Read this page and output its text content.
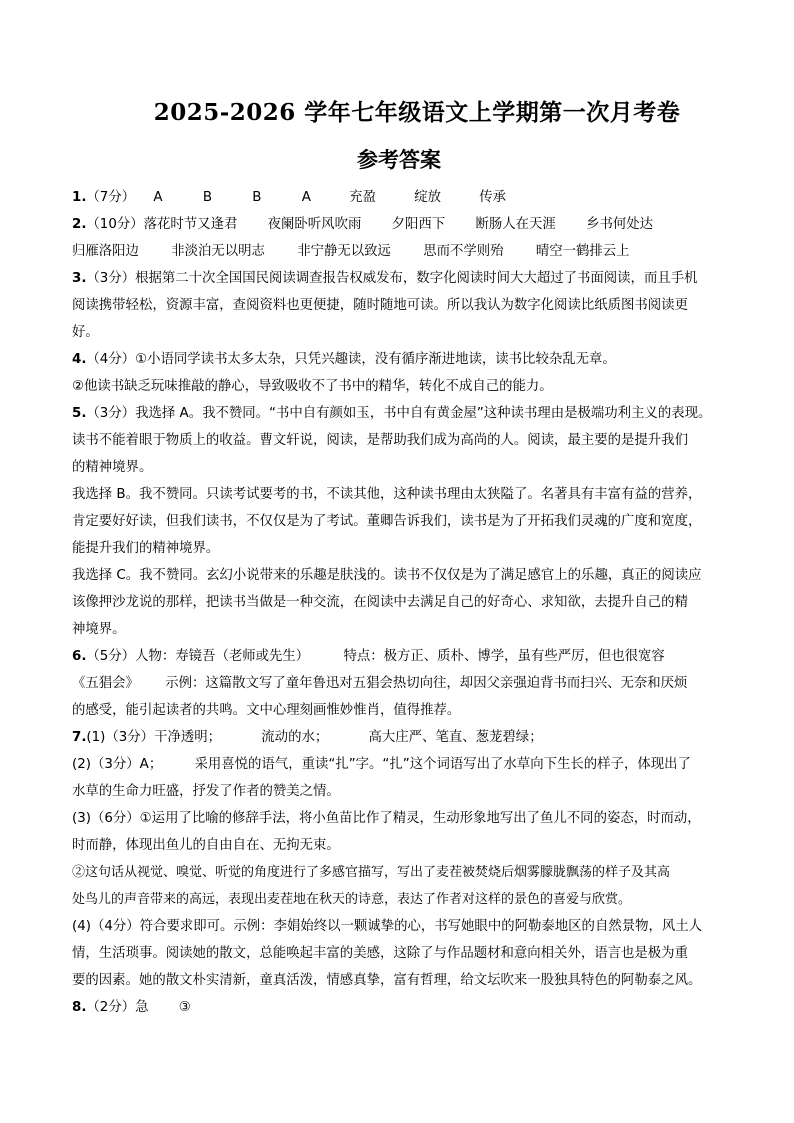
2025-2026 学年七年级语文上学期第一次月考卷
参考答案
1.（7分） A	B	B	A	充盈	绽放	传承
2.（10分）落花时节又逢君 夜阑卧听风吹雨 夕阳西下 断肠人在天涯 乡书何处达
归雁洛阳边 非淡泊无以明志 非宁静无以致远 思而不学则殆 晴空一鹤排云上
3.（3分）根据第二十次全国国民阅读调查报告权威发布，数字化阅读时间大大超过了书面阅读，而且手机
阅读携带轻松，资源丰富，查阅资料也更便捷，随时随地可读。所以我认为数字化阅读比纸质图书阅读更
好。
4.（4分）①小语同学读书太多太杂，只凭兴趣读，没有循序渐进地读，读书比较杂乱无章。
②他读书缺乏玩味推敲的静心，导致吸收不了书中的精华，转化不成自己的能力。
5.（3分）我选择 A。我不赞同。“书中自有颜如玉，书中自有黄金屋”这种读书理由是极端功利主义的表现。
读书不能着眼于物质上的收益。曹文轩说，阅读，是帮助我们成为高尚的人。阅读，最主要的是提升我们
的精神境界。
我选择 B。我不赞同。只读考试要考的书，不读其他，这种读书理由太狭隘了。名著具有丰富有益的营养，
肯定要好好读，但我们读书，不仅仅是为了考试。董卿告诉我们，读书是为了开拓我们灵魂的广度和宽度，
能提升我们的精神境界。
我选择 C。我不赞同。玄幻小说带来的乐趣是肤浅的。读书不仅仅是为了满足感官上的乐趣，真正的阅读应
该像押沙龙说的那样，把读书当做是一种交流，在阅读中去满足自己的好奇心、求知欲，去提升自己的精
神境界。
6.（5分）人物：寿镜吾（老师或先生）	特点：极方正、质朴、博学，虽有些严厉，但也很宽容
《五猖会》 示例：这篇散文写了童年鲁迅对五猖会热切向往，却因父亲强迫背书而扫兴、无奈和厌烦
的感受，能引起读者的共鸣。文中心理刻画惟妙惟肖，值得推荐。
7.(1)（3分）干净透明；	流动的水；	高大庄严、笔直、葱茏碧绿；
(2)（3分）A； 采用喜悦的语气，重读“扎”字。“扎”这个词语写出了水草向下生长的样子，体现出了
水草的生命力旺盛，抒发了作者的赞美之情。
(3)（6分）①运用了比喻的修辞手法，将小鱼苗比作了精灵，生动形象地写出了鱼儿不同的姿态，时而动，
时而静，体现出鱼儿的自由自在、无拘无束。
②这句话从视觉、嗅觉、听觉的角度进行了多感官描写，写出了麦茬被焚烧后烟雾朦胧飘荡的样子及其高
处鸟儿的声音带来的高远，表现出麦茬地在秋天的诗意，表达了作者对这样的景色的喜爱与欣赏。
(4)（4分）符合要求即可。示例：李娟始终以一颗诚挚的心，书写她眼中的阿勒泰地区的自然景物，风土人
情，生活琐事。阅读她的散文，总能唤起丰富的美感，这除了与作品题材和意向相关外，语言也是极为重
要的因素。她的散文朴实清新，童真活泼，情感真挚，富有哲理，给文坛吹来一股独具特色的阿勒泰之风。
8.（2分）急 ③
